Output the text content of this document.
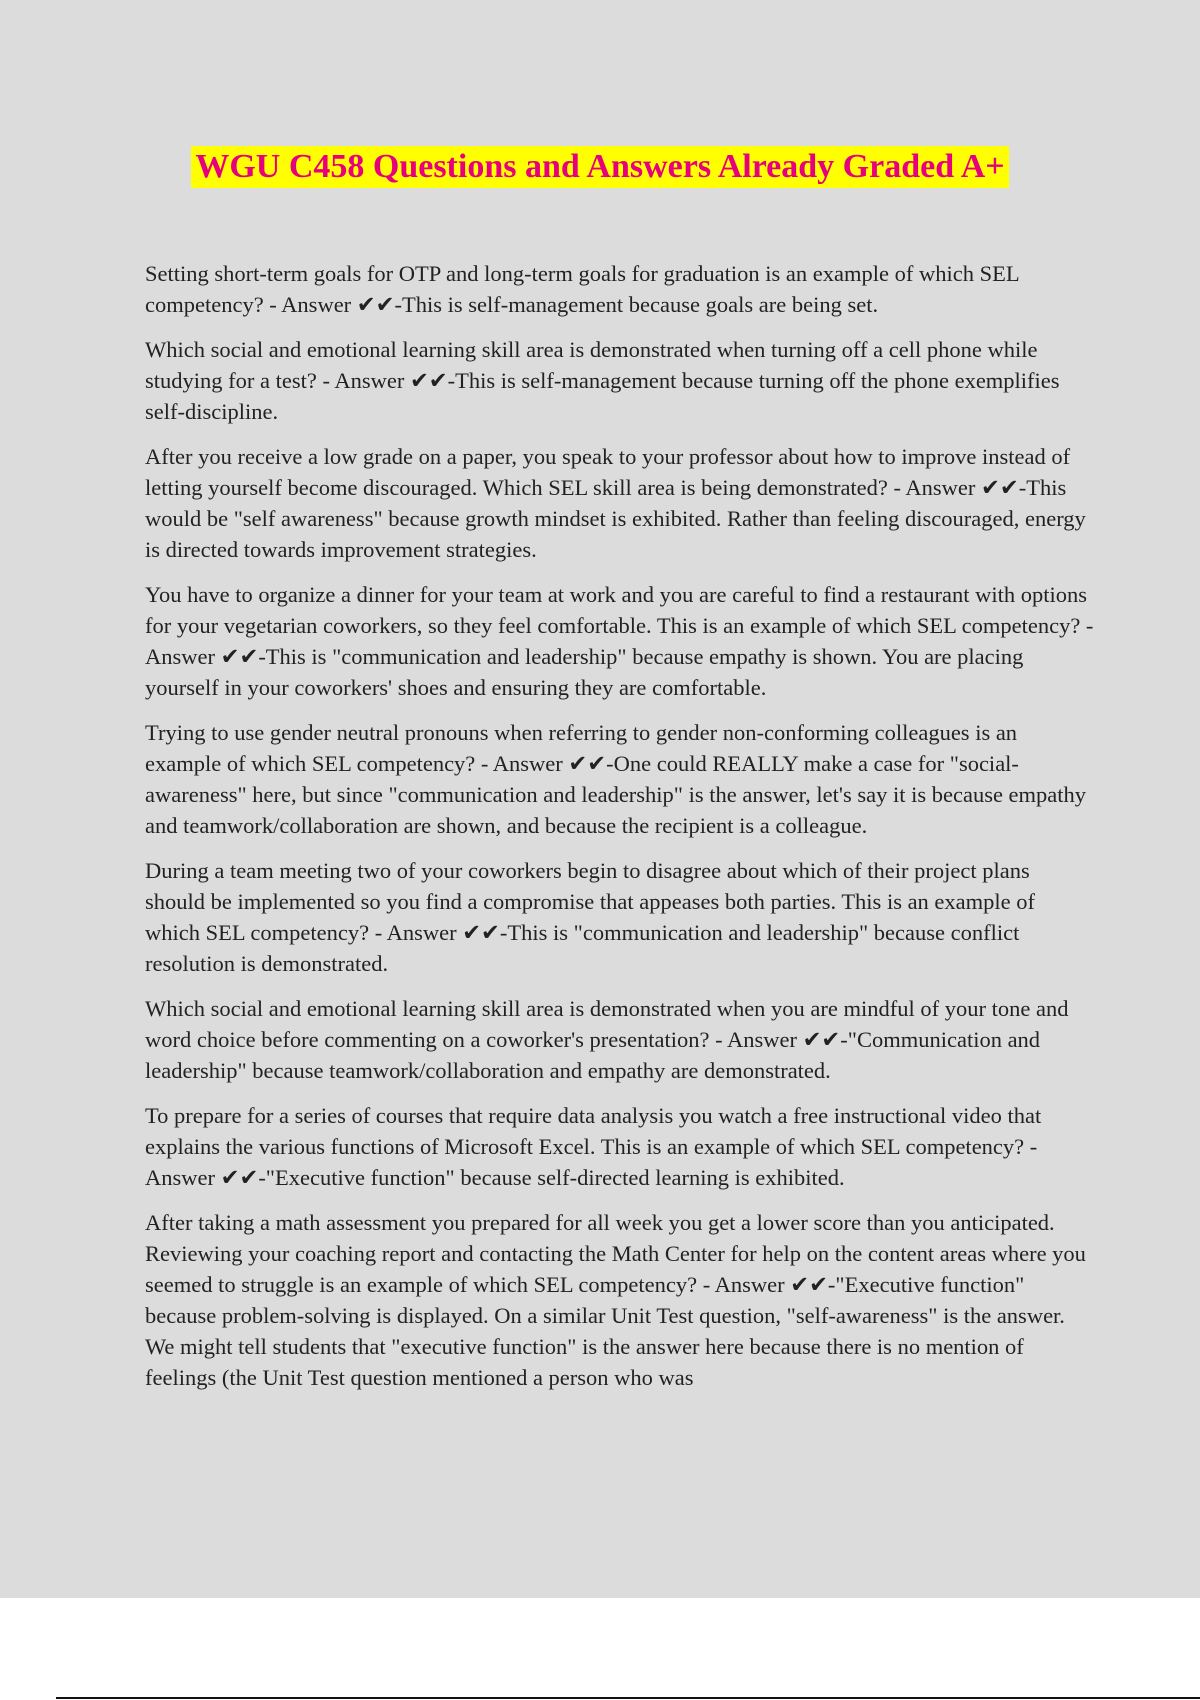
WGU C458 Questions and Answers Already Graded A+

Setting short-term goals for OTP and long-term goals for graduation is an example of which SEL competency? - Answer ✔✔-This is self-management because goals are being set.

Which social and emotional learning skill area is demonstrated when turning off a cell phone while studying for a test? - Answer ✔✔-This is self-management because turning off the phone exemplifies self-discipline.

After you receive a low grade on a paper, you speak to your professor about how to improve instead of letting yourself become discouraged. Which SEL skill area is being demonstrated? - Answer ✔✔-This would be "self awareness" because growth mindset is exhibited. Rather than feeling discouraged, energy is directed towards improvement strategies.

You have to organize a dinner for your team at work and you are careful to find a restaurant with options for your vegetarian coworkers, so they feel comfortable. This is an example of which SEL competency? - Answer ✔✔-This is "communication and leadership" because empathy is shown. You are placing yourself in your coworkers' shoes and ensuring they are comfortable.

Trying to use gender neutral pronouns when referring to gender non-conforming colleagues is an example of which SEL competency? - Answer ✔✔-One could REALLY make a case for "social-awareness" here, but since "communication and leadership" is the answer, let's say it is because empathy and teamwork/collaboration are shown, and because the recipient is a colleague.

During a team meeting two of your coworkers begin to disagree about which of their project plans should be implemented so you find a compromise that appeases both parties. This is an example of which SEL competency? - Answer ✔✔-This is "communication and leadership" because conflict resolution is demonstrated.

Which social and emotional learning skill area is demonstrated when you are mindful of your tone and word choice before commenting on a coworker's presentation? - Answer ✔✔-"Communication and leadership" because teamwork/collaboration and empathy are demonstrated.

To prepare for a series of courses that require data analysis you watch a free instructional video that explains the various functions of Microsoft Excel. This is an example of which SEL competency? - Answer ✔✔-"Executive function" because self-directed learning is exhibited.

After taking a math assessment you prepared for all week you get a lower score than you anticipated. Reviewing your coaching report and contacting the Math Center for help on the content areas where you seemed to struggle is an example of which SEL competency? - Answer ✔✔-"Executive function" because problem-solving is displayed. On a similar Unit Test question, "self-awareness" is the answer. We might tell students that "executive function" is the answer here because there is no mention of feelings (the Unit Test question mentioned a person who was
